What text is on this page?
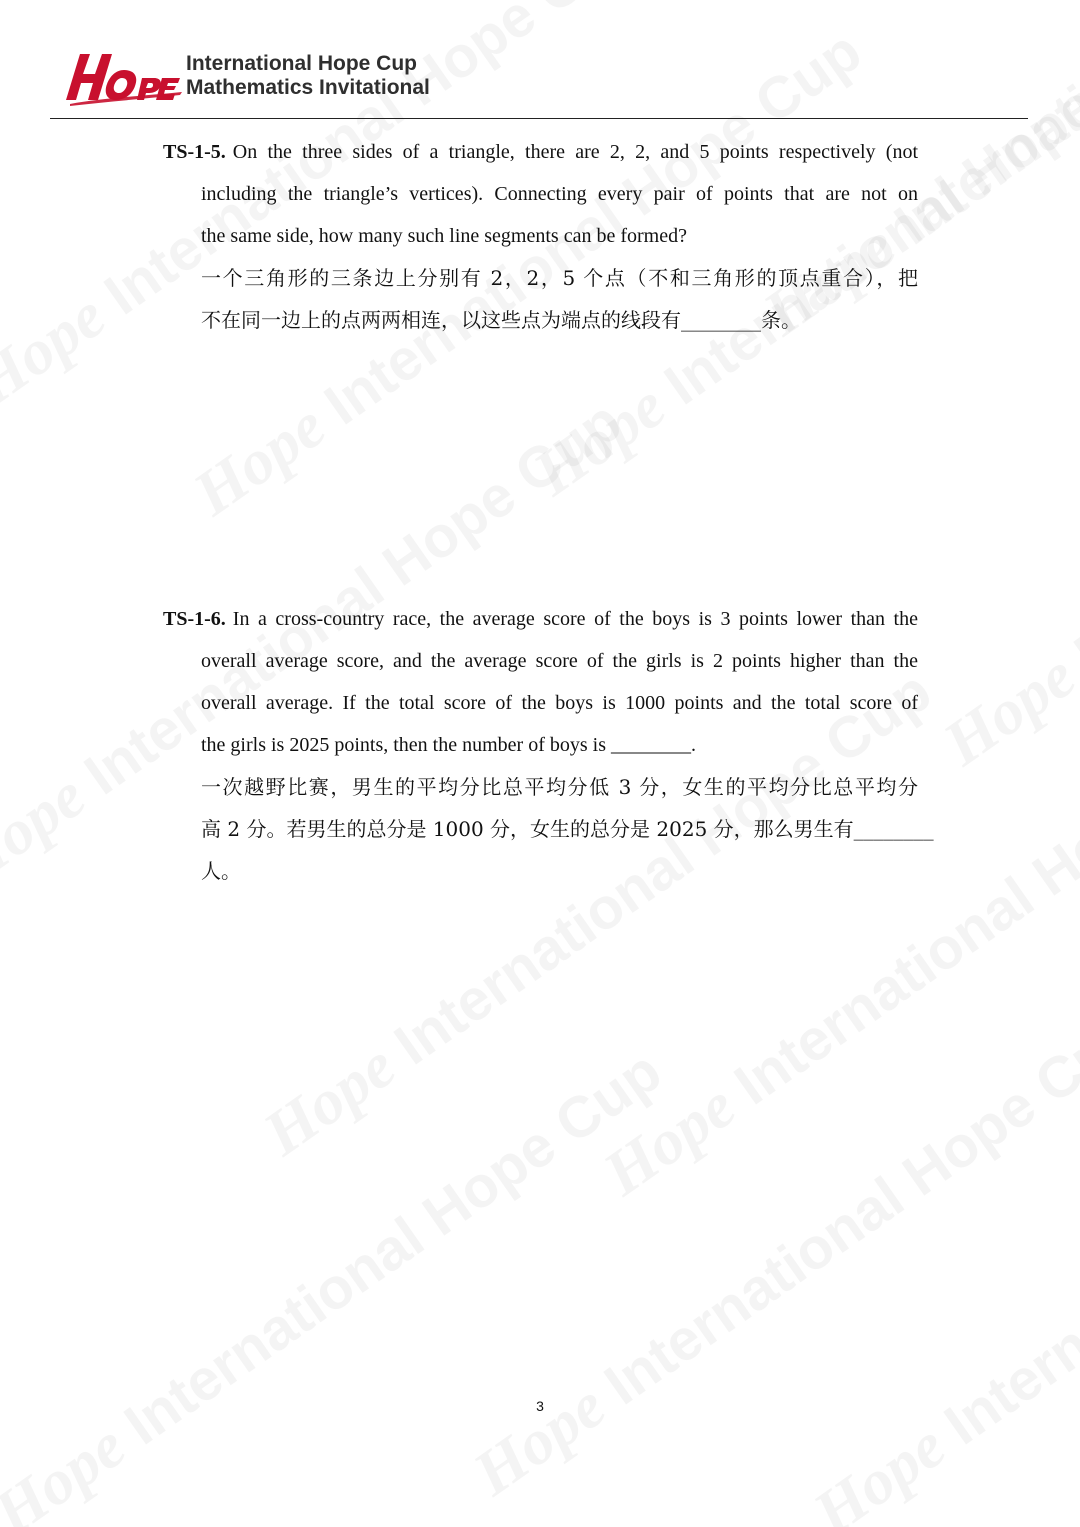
International Hope Cup
Mathematics Invitational
TS-1-5. On the three sides of a triangle, there are 2, 2, and 5 points respectively (not
including the triangle’s vertices). Connecting every pair of points that are not on
the same side, how many such line segments can be formed?
一个三角形的三条边上分别有 2，2，5 个点（不和三角形的顶点重合），把
不在同一边上的点两两相连，以这些点为端点的线段有________条。
TS-1-6. In a cross-country race, the average score of the boys is 3 points lower than the
overall average score, and the average score of the girls is 2 points higher than the
overall average. If the total score of the boys is 1000 points and the total score of
the girls is 2025 points, then the number of boys is ________.
一次越野比赛，男生的平均分比总平均分低 3 分，女生的平均分比总平均分
高 2 分。若男生的总分是 1000 分，女生的总分是 2025 分，那么男生有________
人。
3
